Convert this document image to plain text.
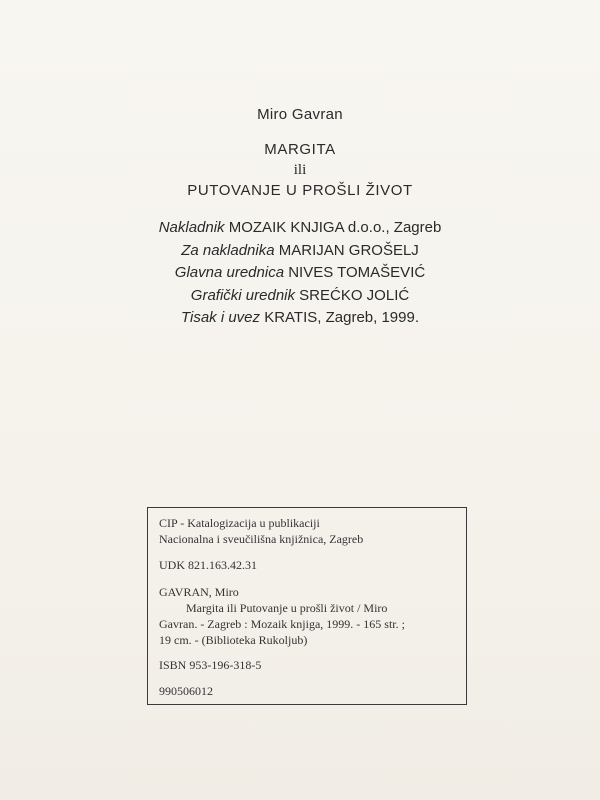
Miro Gavran
MARGITA
ili
PUTOVANJE U PROŠLI ŽIVOT
Nakladnik MOZAIK KNJIGA d.o.o., Zagreb
Za nakladnika MARIJAN GROŠELJ
Glavna urednica NIVES TOMAŠEVIĆ
Grafički urednik SREĆKO JOLIĆ
Tisak i uvez KRATIS, Zagreb, 1999.
CIP - Katalogizacija u publikaciji
Nacionalna i sveučilišna knjižnica, Zagreb
UDK 821.163.42.31
GAVRAN, Miro
Margita ili Putovanje u prošli život / Miro
Gavran. - Zagreb : Mozaik knjiga, 1999. - 165 str. ;
19 cm. - (Biblioteka Rukoljub)
ISBN 953-196-318-5
990506012
